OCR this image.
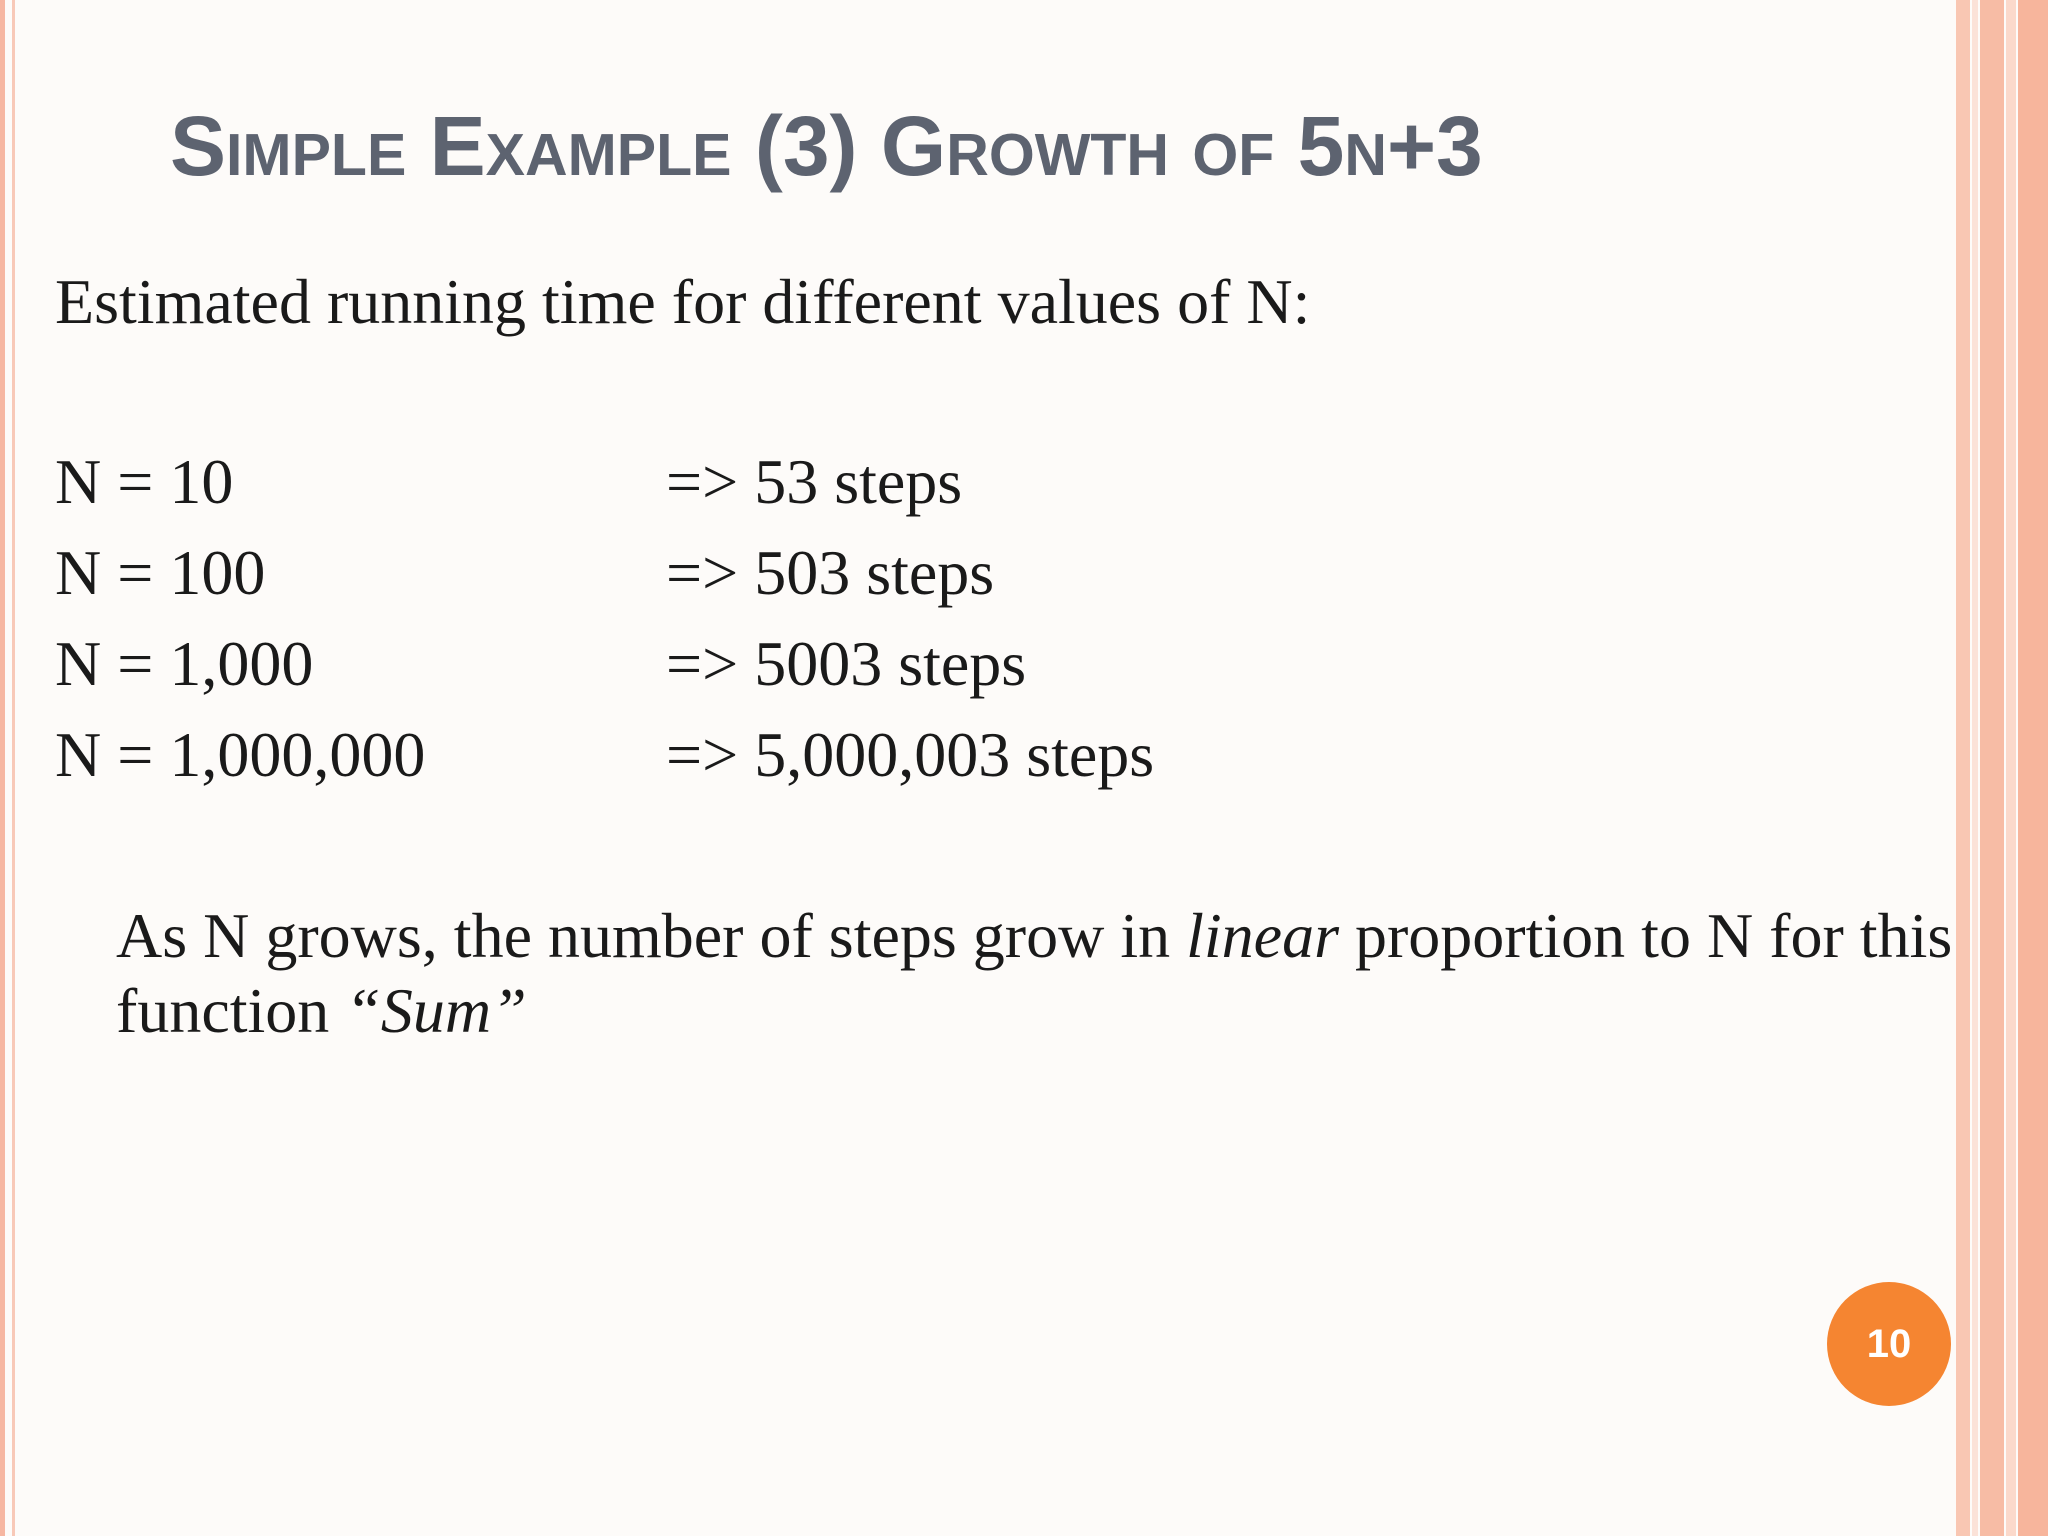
Simple Example (3) Growth of 5n+3
Estimated running time for different values of N:
N = 10	=> 53 steps
N = 100	=> 503 steps
N = 1,000	=> 5003 steps
N = 1,000,000	=> 5,000,003 steps
As N grows, the number of steps grow in linear proportion to N for this function “Sum”
10
